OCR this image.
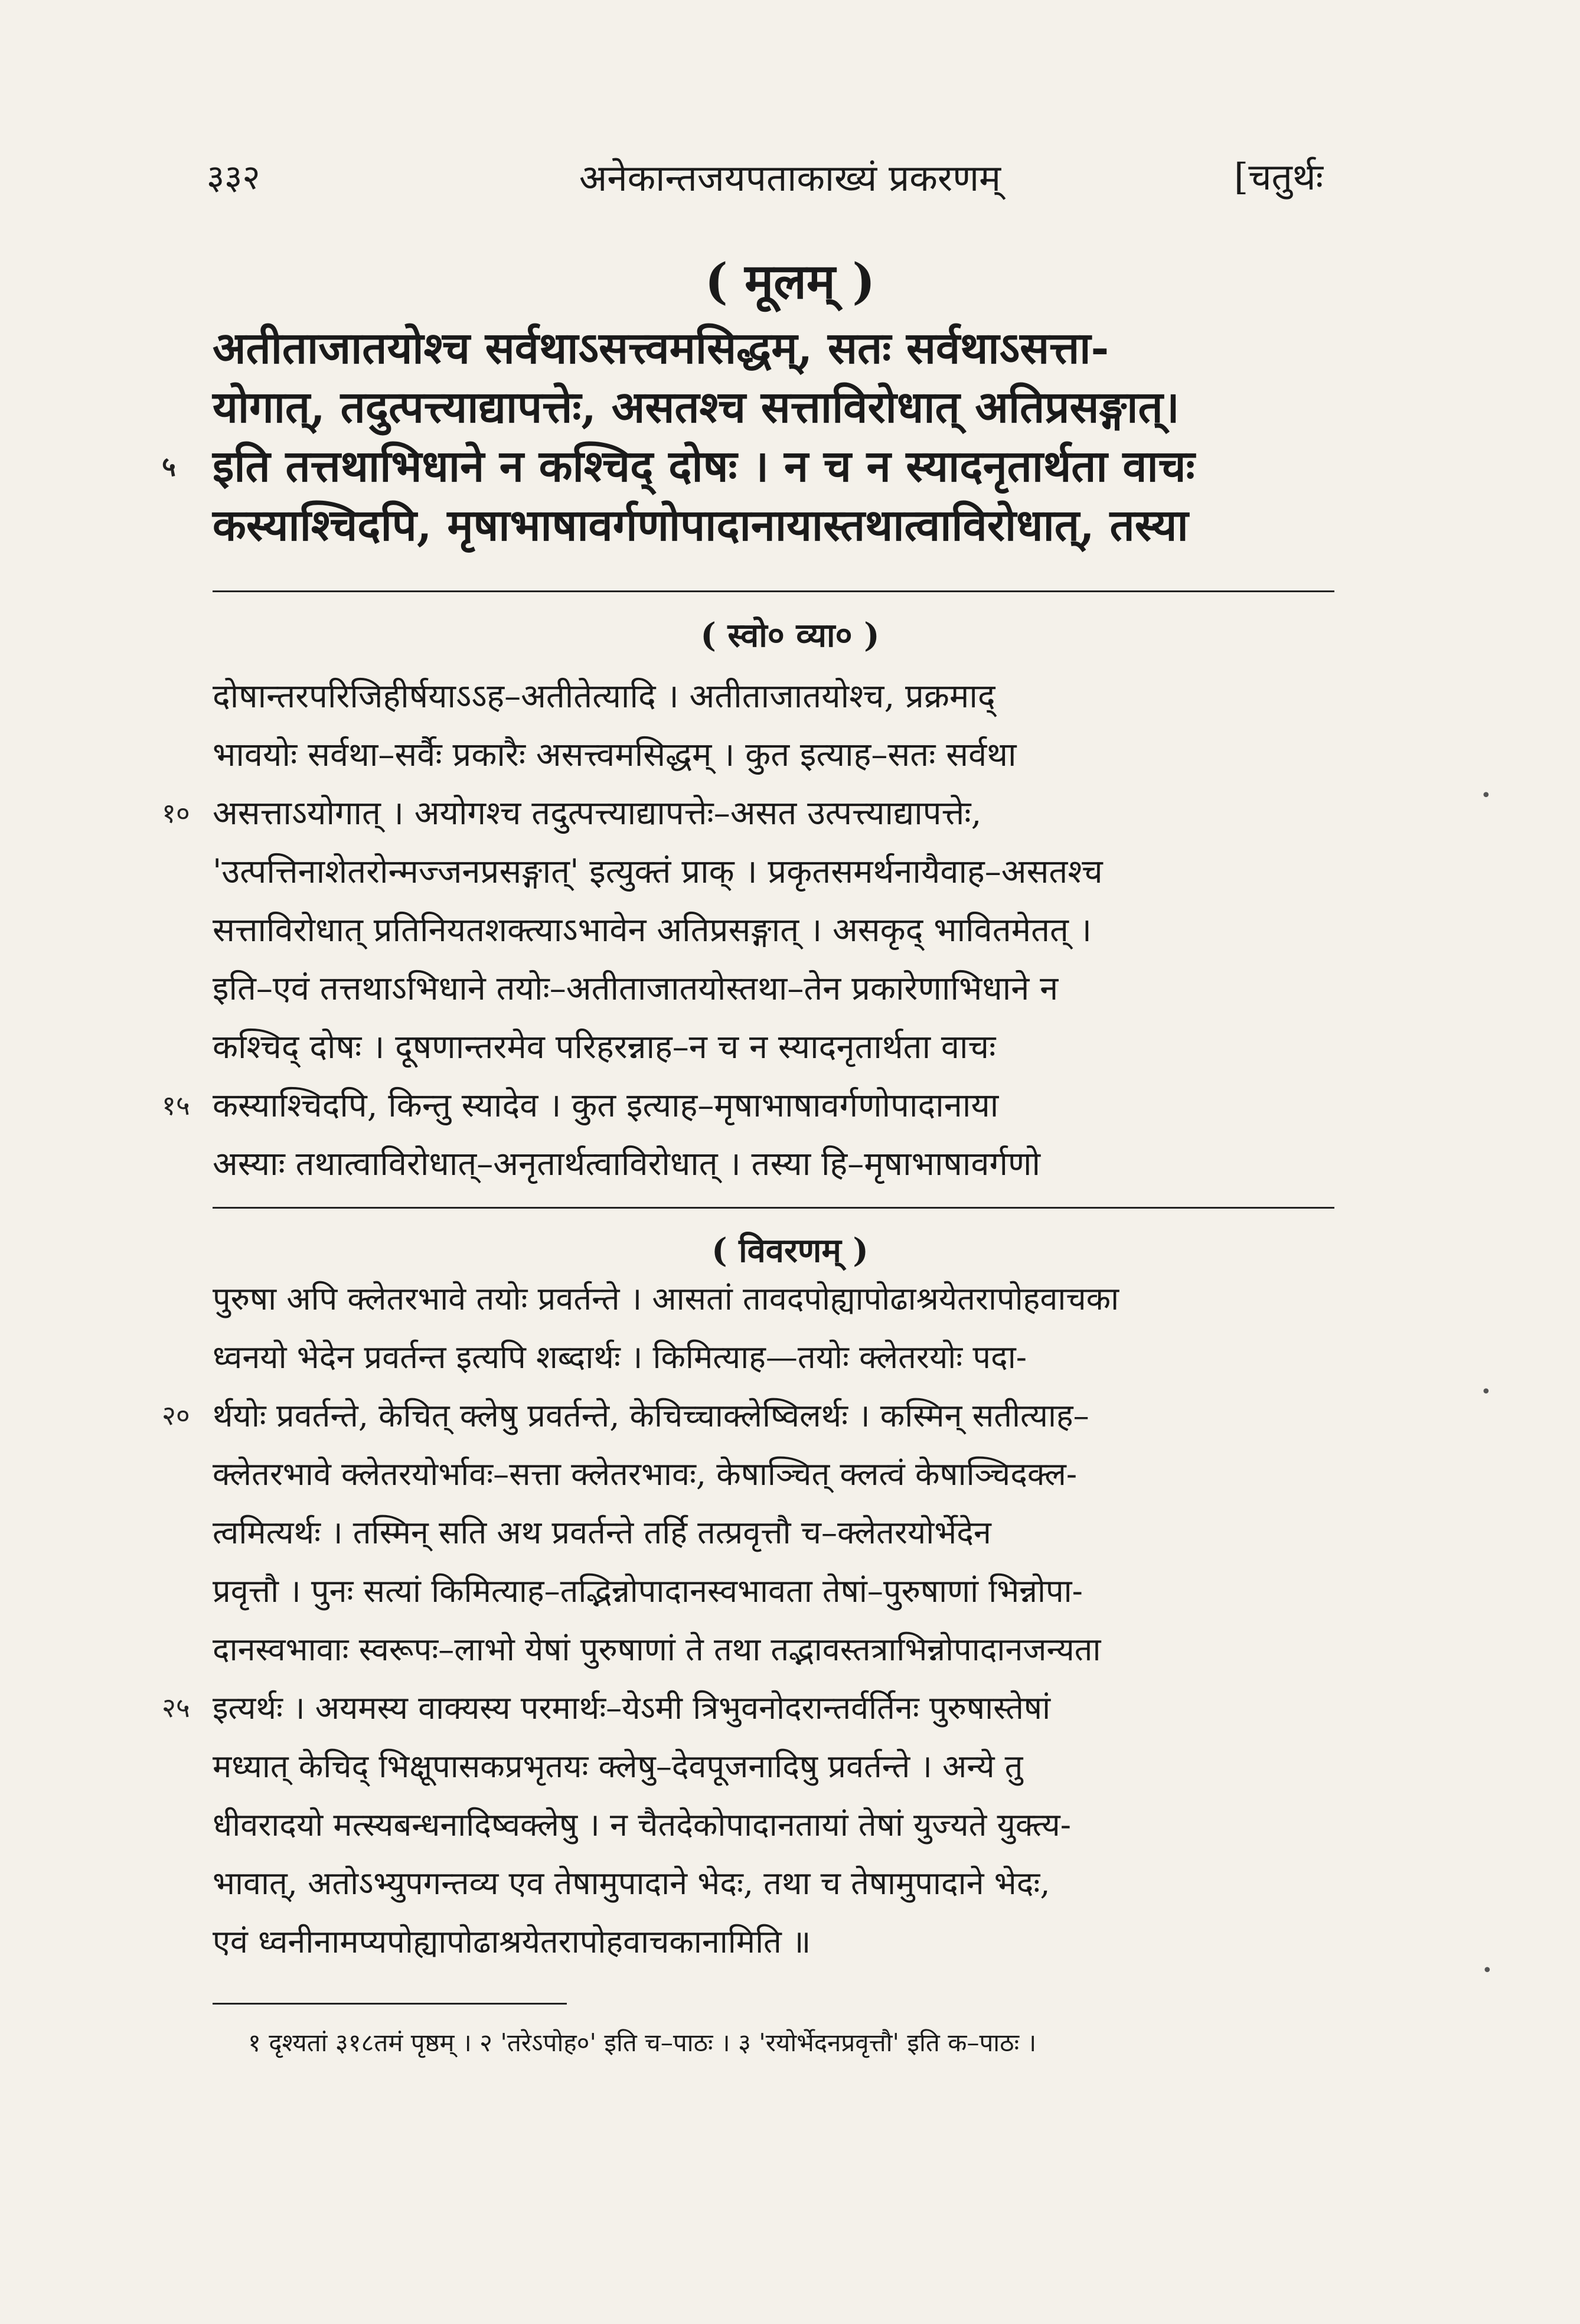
३३२	अनेकान्तजयपताकाख्यं प्रकरणम्	[चतुर्थः
( मूलम् )
अतीताजातयोश्च सर्वथाऽसत्त्वमसिद्धम्, सतः सर्वथाऽसत्ता-
योगात्, तदुत्पत्त्याद्यापत्तेः, असतश्च सत्ताविरोधात् अतिप्रसङ्गात्।
५ इति तत्तथाभिधाने न कश्चिद् दोषः । न च न स्यादनृतार्थता वाचः
कस्याश्चिदपि, मृषाभाषावर्गणोपादानायास्तथात्वाविरोधात्, तस्या
( स्वो० व्या० )
दोषान्तरपरिजिहीर्षयाऽऽह–अतीतेत्यादि । अतीताजातयोश्च, प्रक्रमाद्
भावयोः सर्वथा–सर्वैः प्रकारैः असत्त्वमसिद्धम् । कुत इत्याह–सतः सर्वथा
१० असत्ताऽयोगात् । अयोगश्च तदुत्पत्त्याद्यापत्तेः–असत उत्पत्त्याद्यापत्तेः,
'उत्पत्तिनाशेतरोन्मज्जनप्रसङ्गात्' इत्युक्तं प्राक् । प्रकृतसमर्थनायैवाह–असतश्च
सत्ताविरोधात् प्रतिनियतशक्त्याऽभावेन अतिप्रसङ्गात् । असकृद् भावितमेतत् ।
इति–एवं तत्तथाऽभिधाने तयोः–अतीताजातयोस्तथा–तेन प्रकारेणाभिधाने न
कश्चिद् दोषः । दूषणान्तरमेव परिहरन्नाह–न च न स्यादनृतार्थता वाचः
१५ कस्याश्चिदपि, किन्तु स्यादेव । कुत इत्याह–मृषाभाषावर्गणोपादानाया
अस्याः तथात्वाविरोधात्–अनृतार्थत्वाविरोधात् । तस्या हि–मृषाभाषावर्गणो
( विवरणम् )
पुरुषा अपि क्लेतरभावे तयोः प्रवर्तन्ते । आसतां तावदपोह्यापोढाश्रयेतरापोहवाचका
ध्वनयो भेदेन प्रवर्तन्त इत्यपि शब्दार्थः । किमित्याह—तयोः क्लेतरयोः पदा-
२० र्थयोः प्रवर्तन्ते, केचित् क्लेषु प्रवर्तन्ते, केचिच्चाक्लेष्विलर्थः । कस्मिन् सतीत्याह–
क्लेतरभावे क्लेतरयोर्भावः–सत्ता क्लेतरभावः, केषाञ्चित् क्लत्वं केषाञ्चिदक्ल-
त्वमित्यर्थः । तस्मिन् सति अथ प्रवर्तन्ते तर्हि तत्प्रवृत्तौ च–क्लेतरयोर्भेदेन
प्रवृत्तौ । पुनः सत्यां किमित्याह–तद्भिन्नोपादानस्वभावता तेषां–पुरुषाणां भिन्नोपा-
दानस्वभावाः स्वरूपः–लाभो येषां पुरुषाणां ते तथा तद्भावस्तत्राभिन्नोपादानजन्यता
२५ इत्यर्थः । अयमस्य वाक्यस्य परमार्थः–येऽमी त्रिभुवनोदरान्तर्वर्तिनः पुरुषास्तेषां
मध्यात् केचिद् भिक्षूपासकप्रभृतयः क्लेषु–देवपूजनादिषु प्रवर्तन्ते । अन्ये तु
धीवरादयो मत्स्यबन्धनादिष्वक्लेषु । न चैतदेकोपादानतायां तेषां युज्यते युक्त्य-
भावात्, अतोऽभ्युपगन्तव्य एव तेषामुपादाने भेदः, तथा च तेषामुपादाने भेदः,
एवं ध्वनीनामप्यपोह्यापोढाश्रयेतरापोहवाचकानामिति ॥
१ दृश्यतां ३१८तमं पृष्ठम् । २ 'तरेऽपोह०' इति च–पाठः । ३ 'रयोर्भेदनप्रवृत्तौ' इति क–पाठः ।
•
•
•
